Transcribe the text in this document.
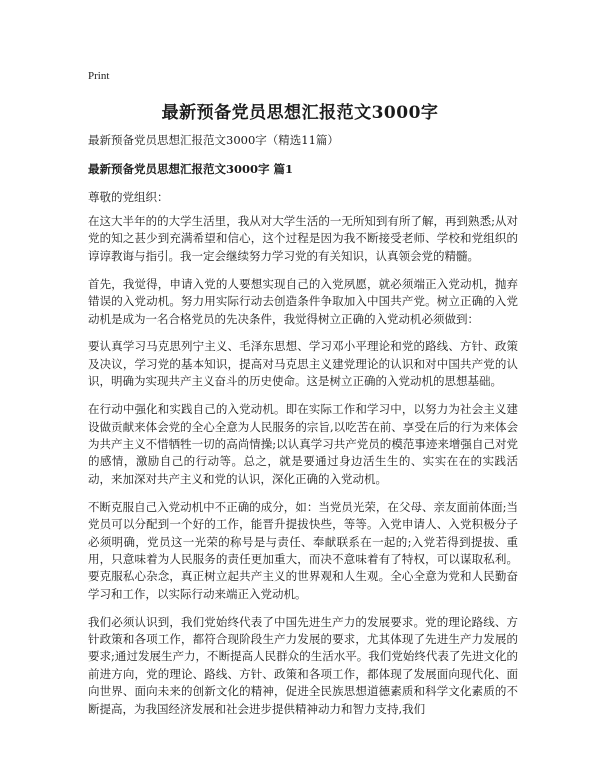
Print
最新预备党员思想汇报范文3000字
最新预备党员思想汇报范文3000字（精选11篇）
最新预备党员思想汇报范文3000字 篇1
尊敬的党组织：

在这大半年的的大学生活里，我从对大学生活的一无所知到有所了解，再到熟悉;从对党的知之甚少到充满希望和信心，这个过程是因为我不断接受老师、学校和党组织的谆谆教诲与指引。我一定会继续努力学习党的有关知识，认真领会党的精髓。

首先，我觉得，申请入党的人要想实现自己的入党夙愿，就必须端正入党动机，抛弃错误的入党动机。努力用实际行动去创造条件争取加入中国共产党。树立正确的入党动机是成为一名合格党员的先决条件，我觉得树立正确的入党动机必须做到：

要认真学习马克思列宁主义、毛泽东思想、学习邓小平理论和党的路线、方针、政策及决议，学习党的基本知识，提高对马克思主义建党理论的认识和对中国共产党的认识，明确为实现共产主义奋斗的历史使命。这是树立正确的入党动机的思想基础。

在行动中强化和实践自己的入党动机。即在实际工作和学习中，以努力为社会主义建设做贡献来体会党的全心全意为人民服务的宗旨,以吃苦在前、享受在后的行为来体会为共产主义不惜牺牲一切的高尚情操;以认真学习共产党员的模范事迹来增强自己对党的感情，激励自己的行动等。总之，就是要通过身边活生生的、实实在在的实践活动，来加深对共产主义和党的认识，深化正确的入党动机。

不断克服自己入党动机中不正确的成分，如：当党员光荣，在父母、亲友面前体面;当党员可以分配到一个好的工作，能晋升提拔快些，等等。入党申请人、入党积极分子必须明确，党员这一光荣的称号是与责任、奉献联系在一起的;入党若得到提拔、重用，只意味着为人民服务的责任更加重大，而决不意味着有了特权，可以谋取私利。要克服私心杂念，真正树立起共产主义的世界观和人生观。全心全意为党和人民勤奋学习和工作，以实际行动来端正入党动机。

我们必须认识到，我们党始终代表了中国先进生产力的发展要求。党的理论路线、方针政策和各项工作，都符合现阶段生产力发展的要求，尤其体现了先进生产力发展的要求;通过发展生产力，不断提高人民群众的生活水平。我们党始终代表了先进文化的前进方向，党的理论、路线、方针、政策和各项工作，都体现了发展面向现代化、面向世界、面向未来的创新文化的精神，促进全民族思想道德素质和科学文化素质的不断提高，为我国经济发展和社会进步提供精神动力和智力支持,我们
